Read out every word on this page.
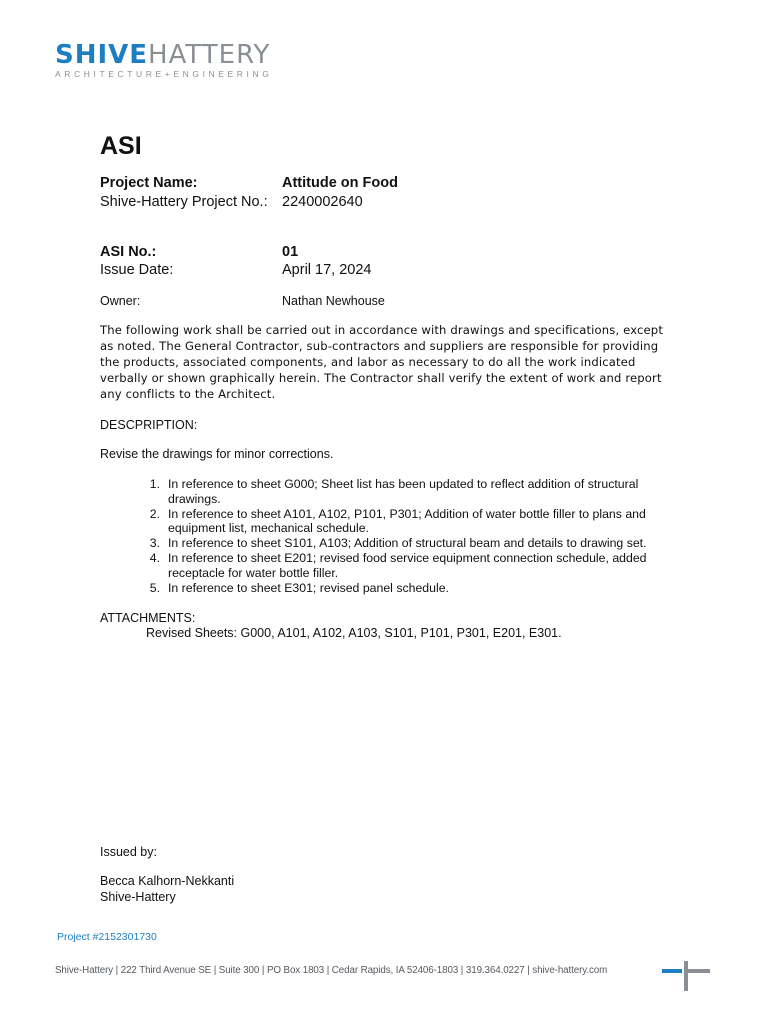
SHIVEHATTERY
ARCHITECTURE+ENGINEERING
ASI
Project Name:	Attitude on Food
Shive-Hattery Project No.: 2240002640
ASI No.:	01
Issue Date:	April 17, 2024
Owner:	Nathan Newhouse
The following work shall be carried out in accordance with drawings and specifications, except as noted. The General Contractor, sub-contractors and suppliers are responsible for providing the products, associated components, and labor as necessary to do all the work indicated verbally or shown graphically herein. The Contractor shall verify the extent of work and report any conflicts to the Architect.
DESCPRIPTION:
Revise the drawings for minor corrections.
1. In reference to sheet G000; Sheet list has been updated to reflect addition of structural drawings.
2. In reference to sheet A101, A102, P101, P301; Addition of water bottle filler to plans and equipment list, mechanical schedule.
3. In reference to sheet S101, A103; Addition of structural beam and details to drawing set.
4. In reference to sheet E201; revised food service equipment connection schedule, added receptacle for water bottle filler.
5. In reference to sheet E301; revised panel schedule.
ATTACHMENTS:
Revised Sheets: G000, A101, A102, A103, S101, P101, P301, E201, E301.
Issued by:
Becca Kalhorn-Nekkanti
Shive-Hattery
Project #2152301730
Shive-Hattery | 222 Third Avenue SE | Suite 300 | PO Box 1803 | Cedar Rapids, IA 52406-1803 | 319.364.0227 | shive-hattery.com
